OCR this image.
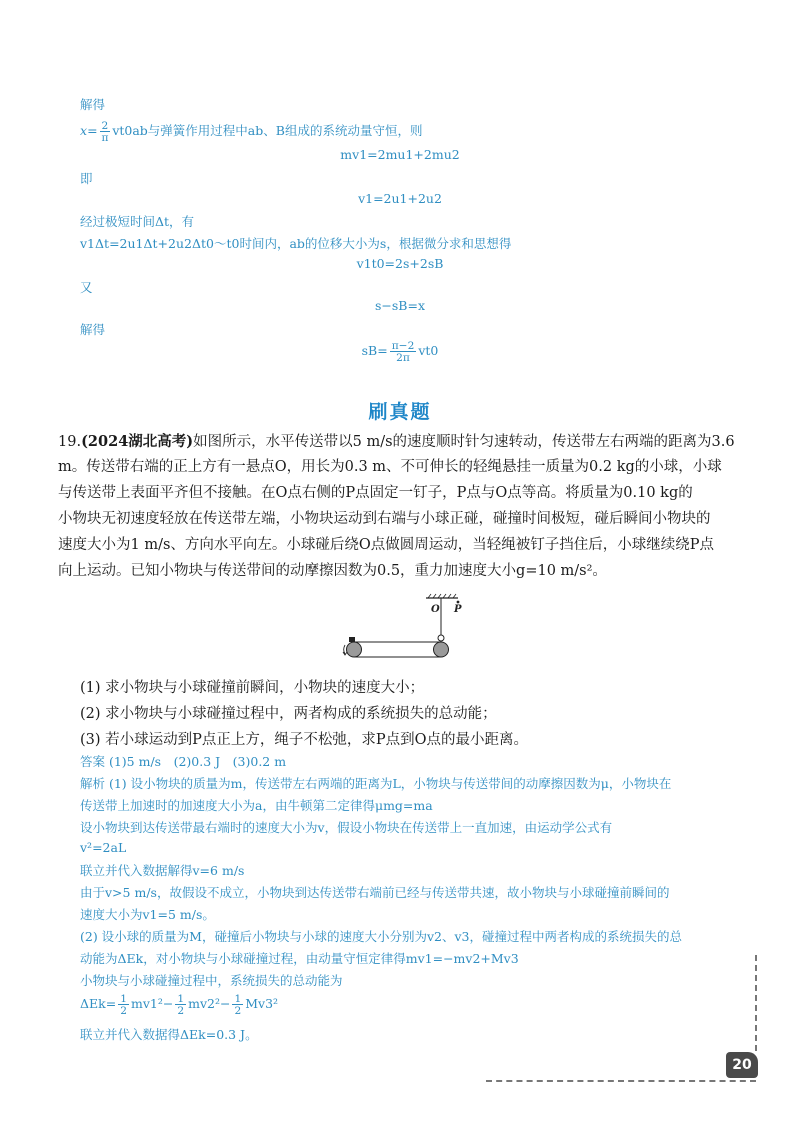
解得
$x= \frac{2}{\pi} vt0ab$与弹簧作用过程中ab、B组成的系统动量守恒，则
mv1=2mu1+2mu2
即
v1=2u1+2u2
经过极短时间Δt，有
v1Δt=2u1Δt+2u2Δt0～t0时间内，ab的位移大小为s，根据微分求和思想得
v1t0=2s+2sB
又
s−sB=x
解得
$sB= \frac{\pi-2}{2\pi} vt0$
刷真题
19.(2024湖北高考)如图所示，水平传送带以5 m/s的速度顺时针匀速转动，传送带左右两端的距离为3.6
m。传送带右端的正上方有一悬点O，用长为0.3 m、不可伸长的轻绳悬挂一质量为0.2 kg的小球，小球
与传送带上表面平齐但不接触。在O点右侧的P点固定一钉子，P点与O点等高。将质量为0.10 kg的
小物块无初速度轻放在传送带左端，小物块运动到右端与小球正碰，碰撞时间极短，碰后瞬间小物块的
速度大小为1 m/s、方向水平向左。小球碰后绕O点做圆周运动，当轻绳被钉子挡住后，小球继续绕P点
向上运动。已知小物块与传送带间的动摩擦因数为0.5，重力加速度大小g=10 m/s²。
O P
(1) 求小物块与小球碰撞前瞬间，小物块的速度大小；
(2) 求小物块与小球碰撞过程中，两者构成的系统损失的总动能；
(3) 若小球运动到P点正上方，绳子不松弛，求P点到O点的最小距离。
答案 (1)5 m/s　(2)0.3 J　(3)0.2 m
解析 (1) 设小物块的质量为m，传送带左右两端的距离为L，小物块与传送带间的动摩擦因数为μ，小物块在
传送带上加速时的加速度大小为a，由牛顿第二定律得μmg=ma
设小物块到达传送带最右端时的速度大小为v，假设小物块在传送带上一直加速，由运动学公式有
v²=2aL
联立并代入数据解得v=6 m/s
由于v>5 m/s，故假设不成立，小物块到达传送带右端前已经与传送带共速，故小物块与小球碰撞前瞬间的
速度大小为v1=5 m/s。
(2) 设小球的质量为M，碰撞后小物块与小球的速度大小分别为v2、v3，碰撞过程中两者构成的系统损失的总
动能为ΔEk，对小物块与小球碰撞过程，由动量守恒定律得mv1=−mv2+Mv3
小物块与小球碰撞过程中，系统损失的总动能为
$\Delta Ek= \frac{1}{2} mv1^2- \frac{1}{2} mv2^2- \frac{1}{2} Mv3^2$
联立并代入数据得ΔEk=0.3 J。
20
